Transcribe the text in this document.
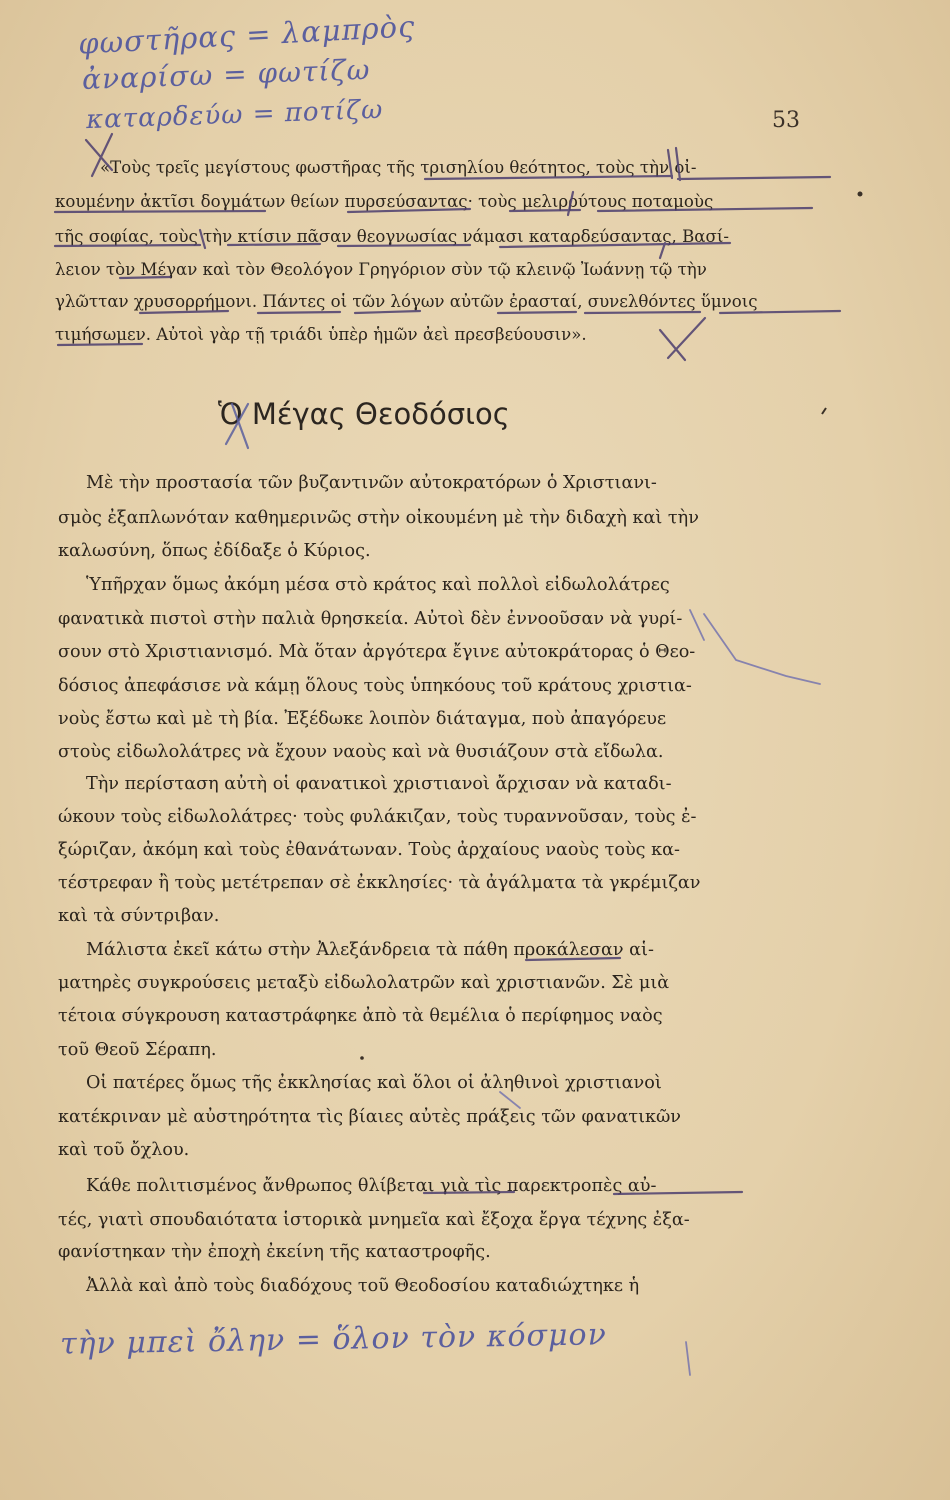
φωστῆρας = λαμπρὸς
ἀναρίσω = φωτίζω
καταρδεύω = ποτίζω	53
«Τοὺς τρεῖς μεγίστους φωστῆρας τῆς τρισηλίου θεότητος, τοὺς τὴν οἰ-
κουμένην ἀκτῖσι δογμάτων θείων πυρσεύσαντας· τοὺς μελιρρύτους ποταμοὺς
τῆς σοφίας, τοὺς τὴν κτίσιν πᾶσαν θεογνωσίας νάμασι καταρδεύσαντας, Βασί-
λειον τὸν Μέγαν καὶ τὸν Θεολόγον Γρηγόριον σὺν τῷ κλεινῷ Ἰωάννῃ τῷ τὴν
γλῶτταν χρυσορρήμονι. Πάντες οἱ τῶν λόγων αὐτῶν ἐρασταί, συνελθόντες ὕμνοις
τιμήσωμεν. Αὐτοὶ γὰρ τῇ τριάδι ὑπὲρ ἡμῶν ἀεὶ πρεσβεύουσιν».
Ὁ Μέγας Θεοδόσιος
Μὲ τὴν προστασία τῶν βυζαντινῶν αὐτοκρατόρων ὁ Χριστιανι-
σμὸς ἐξαπλωνόταν καθημερινῶς στὴν οἰκουμένη μὲ τὴν διδαχὴ καὶ τὴν
καλωσύνη, ὅπως ἐδίδαξε ὁ Κύριος.
Ὑπῆρχαν ὅμως ἀκόμη μέσα στὸ κράτος καὶ πολλοὶ εἰδωλολάτρες
φανατικὰ πιστοὶ στὴν παλιὰ θρησκεία. Αὐτοὶ δὲν ἐννοοῦσαν νὰ γυρί-
σουν στὸ Χριστιανισμό. Μὰ ὅταν ἀργότερα ἔγινε αὐτοκράτορας ὁ Θεο-
δόσιος ἀπεφάσισε νὰ κάμῃ ὅλους τοὺς ὑπηκόους τοῦ κράτους χριστια-
νοὺς ἔστω καὶ μὲ τὴ βία. Ἐξέδωκε λοιπὸν διάταγμα, ποὺ ἀπαγόρευε
στοὺς εἰδωλολάτρες νὰ ἔχουν ναοὺς καὶ νὰ θυσιάζουν στὰ εἴδωλα.
Τὴν περίσταση αὐτὴ οἱ φανατικοὶ χριστιανοὶ ἄρχισαν νὰ καταδι-
ώκουν τοὺς εἰδωλολάτρες· τοὺς φυλάκιζαν, τοὺς τυραννοῦσαν, τοὺς ἐ-
ξώριζαν, ἀκόμη καὶ τοὺς ἐθανάτωναν. Τοὺς ἀρχαίους ναοὺς τοὺς κα-
τέστρεφαν ἢ τοὺς μετέτρεπαν σὲ ἐκκλησίες· τὰ ἀγάλματα τὰ γκρέμιζαν
καὶ τὰ σύντριβαν.
Μάλιστα ἐκεῖ κάτω στὴν Ἀλεξάνδρεια τὰ πάθη προκάλεσαν αἱ-
ματηρὲς συγκρούσεις μεταξὺ εἰδωλολατρῶν καὶ χριστιανῶν. Σὲ μιὰ
τέτοια σύγκρουση καταστράφηκε ἀπὸ τὰ θεμέλια ὁ περίφημος ναὸς
τοῦ Θεοῦ Σέραπη.
Οἱ πατέρες ὅμως τῆς ἐκκλησίας καὶ ὅλοι οἱ ἀληθινοὶ χριστιανοὶ
κατέκριναν μὲ αὐστηρότητα τὶς βίαιες αὐτὲς πράξεις τῶν φανατικῶν
καὶ τοῦ ὄχλου.
Κάθε πολιτισμένος ἄνθρωπος θλίβεται γιὰ τὶς παρεκτροπὲς αὐ-
τές, γιατὶ σπουδαιότατα ἱστορικὰ μνημεῖα καὶ ἔξοχα ἔργα τέχνης ἐξα-
φανίστηκαν τὴν ἐποχὴ ἐκείνη τῆς καταστροφῆς.
Ἀλλὰ καὶ ἀπὸ τοὺς διαδόχους τοῦ Θεοδοσίου καταδιώχτηκε ἡ
τὴν μπεὶ ὄλην = ὅλον τὸν κόσμον
